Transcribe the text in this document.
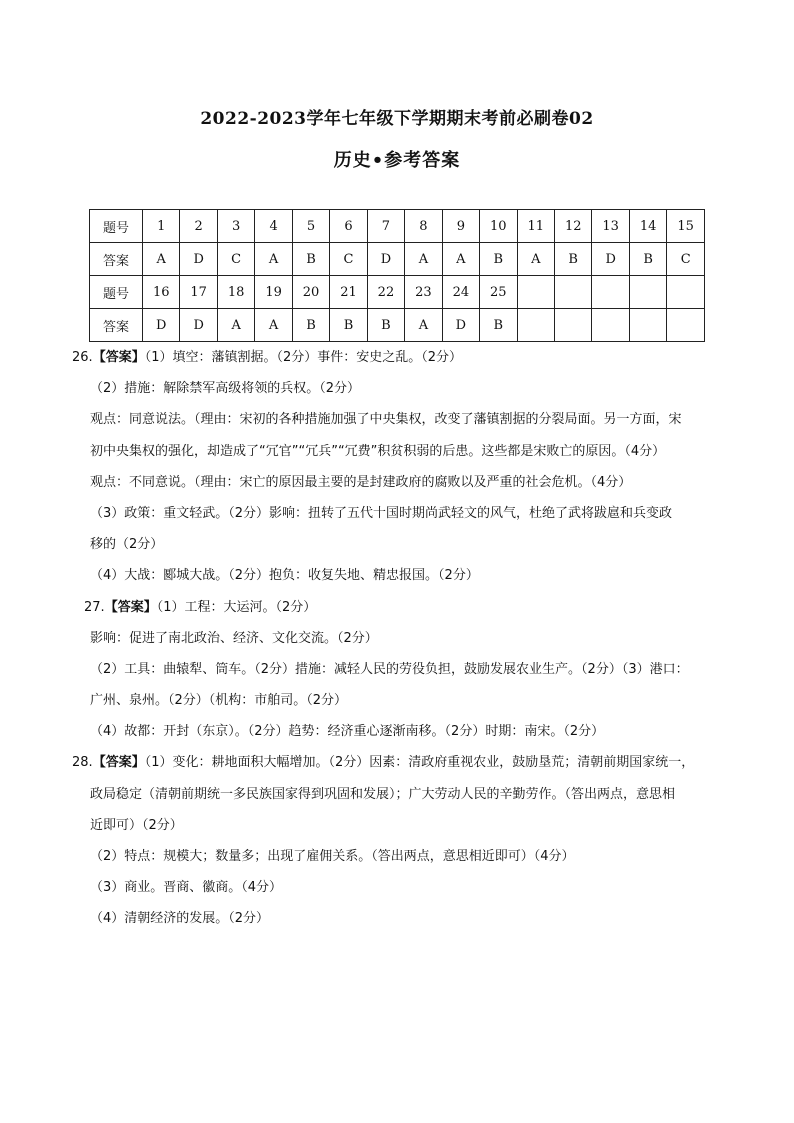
2022-2023学年七年级下学期期末考前必刷卷02
历史•参考答案
题号	1	2	3	4	5	6	7	8	9	10	11	12	13	14	15
答案	A	D	C	A	B	C	D	A	A	B	A	B	D	B	C
题号	16	17	18	19	20	21	22	23	24	25					
答案	D	D	A	A	B	B	B	A	D	B					
26.【答案】（1）填空：藩镇割据。（2分）事件：安史之乱。（2分）
（2）措施：解除禁军高级将领的兵权。（2分）
观点：同意说法。（理由：宋初的各种措施加强了中央集权，改变了藩镇割据的分裂局面。另一方面，宋
初中央集权的强化，却造成了“冗官”“冗兵”“冗费”积贫积弱的后患。这些都是宋败亡的原因。（4分）
观点：不同意说。（理由：宋亡的原因最主要的是封建政府的腐败以及严重的社会危机。（4分）
（3）政策：重文轻武。（2分）影响：扭转了五代十国时期尚武轻文的风气，杜绝了武将跋扈和兵变政
移的（2分）
（4）大战：郾城大战。（2分）抱负：收复失地、精忠报国。（2分）
27.【答案】（1）工程：大运河。（2分）
影响：促进了南北政治、经济、文化交流。（2分）
（2）工具：曲辕犁、筒车。（2分）措施：减轻人民的劳役负担，鼓励发展农业生产。（2分）（3）港口：
广州、泉州。（2分）（机构：市舶司。（2分）
（4）故都：开封（东京）。（2分）趋势：经济重心逐渐南移。（2分）时期：南宋。（2分）
28.【答案】（1）变化：耕地面积大幅增加。（2分）因素：清政府重视农业，鼓励垦荒；清朝前期国家统一，
政局稳定（清朝前期统一多民族国家得到巩固和发展）；广大劳动人民的辛勤劳作。（答出两点，意思相
近即可）（2分）
（2）特点：规模大；数量多；出现了雇佣关系。（答出两点，意思相近即可）（4分）
（3）商业。晋商、徽商。（4分）
（4）清朝经济的发展。（2分）
